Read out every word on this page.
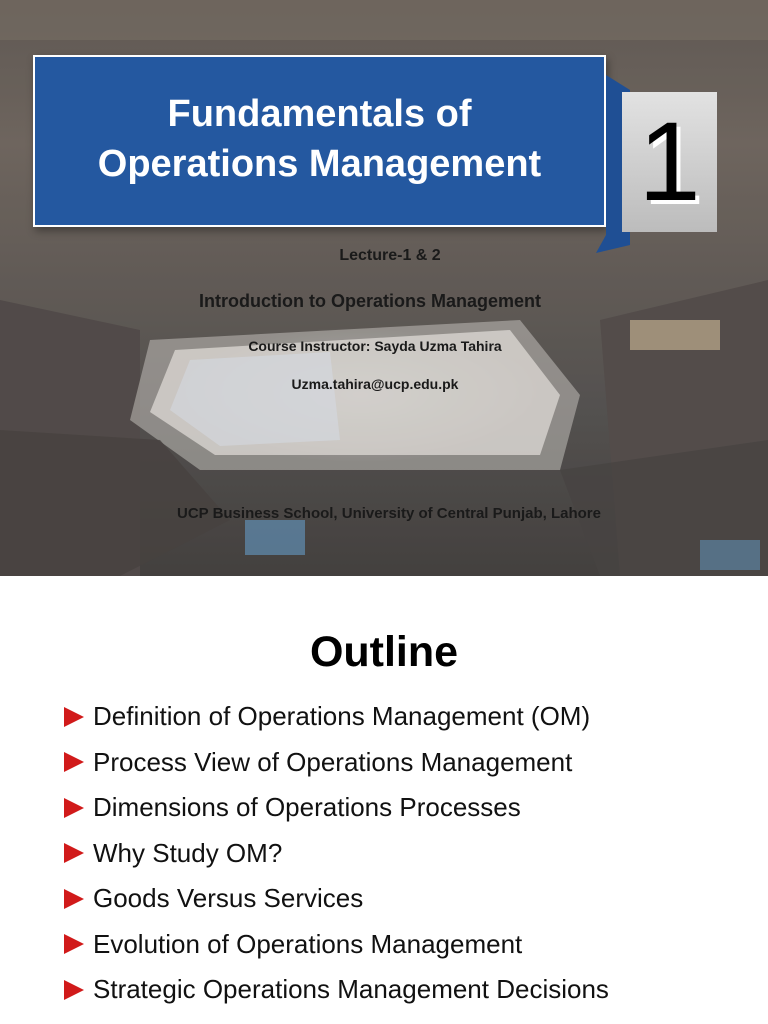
Fundamentals of
Operations Management 1
Lecture-1 & 2
Introduction to Operations Management
Course Instructor: Sayda Uzma Tahira
Uzma.tahira@ucp.edu.pk
UCP Business School, University of Central Punjab, Lahore
Outline
Definition of Operations Management (OM)
Process View of Operations Management
Dimensions of Operations Processes
Why Study OM?
Goods Versus Services
Evolution of Operations Management
Strategic Operations Management Decisions
